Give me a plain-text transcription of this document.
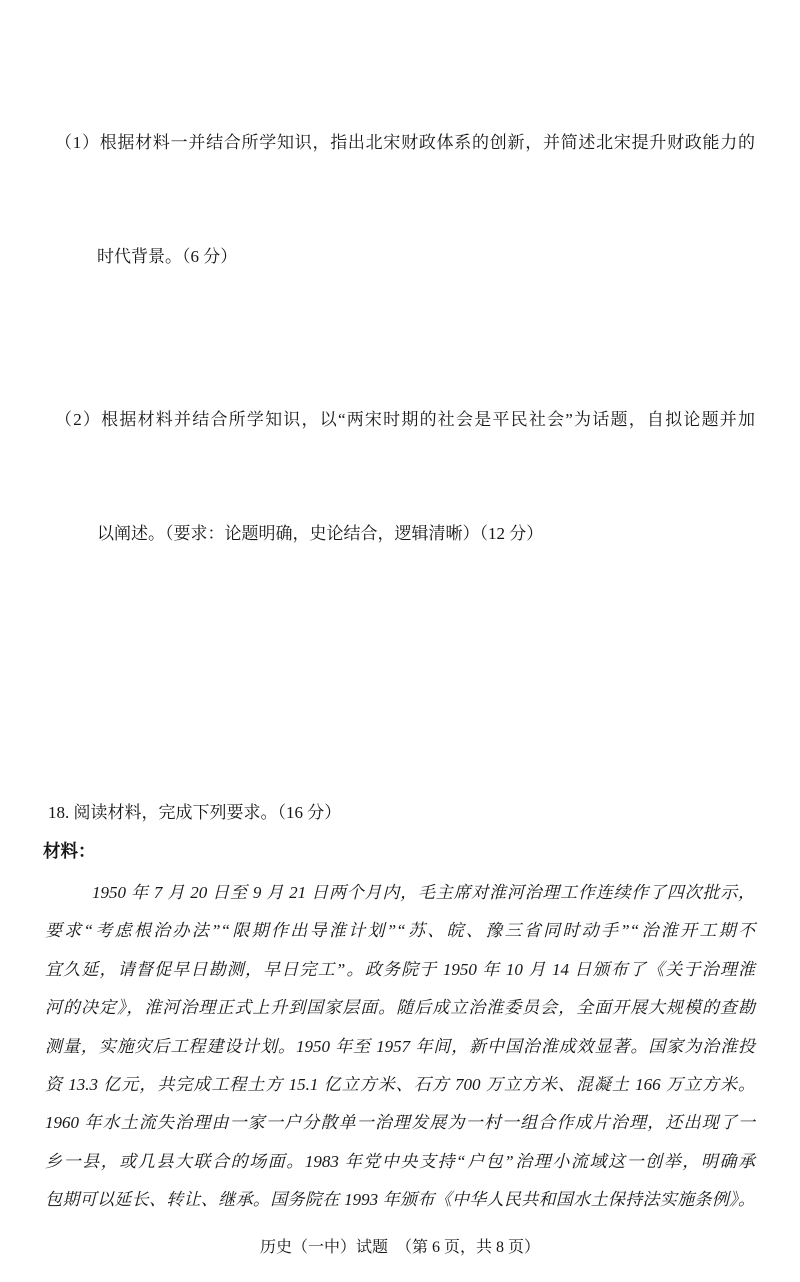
（1）根据材料一并结合所学知识，指出北宋财政体系的创新，并简述北宋提升财政能力的

时代背景。（6 分）

（2）根据材料并结合所学知识，以“两宋时期的社会是平民社会”为话题，自拟论题并加

以阐述。（要求：论题明确，史论结合，逻辑清晰）（12 分）

18. 阅读材料，完成下列要求。（16 分）
材料：
1950 年 7 月 20 日至 9 月 21 日两个月内，毛主席对淮河治理工作连续作了四次批示，
要求“考虑根治办法”“限期作出导淮计划”“苏、皖、豫三省同时动手”“治淮开工期不
宜久延，请督促早日勘测，早日完工”。政务院于 1950 年 10 月 14 日颁布了《关于治理淮
河的决定》，淮河治理正式上升到国家层面。随后成立治淮委员会，全面开展大规模的查勘
测量，实施灾后工程建设计划。1950 年至 1957 年间，新中国治淮成效显著。国家为治淮投
资 13.3 亿元，共完成工程土方 15.1 亿立方米、石方 700 万立方米、混凝土 166 万立方米。
1960 年水土流失治理由一家一户分散单一治理发展为一村一组合作成片治理，还出现了一
乡一县，或几县大联合的场面。1983 年党中央支持“户包”治理小流域这一创举，明确承
包期可以延长、转让、继承。国务院在 1993 年颁布《中华人民共和国水土保持法实施条例》。
历史（一中）试题　（第 6 页，共 8 页）
